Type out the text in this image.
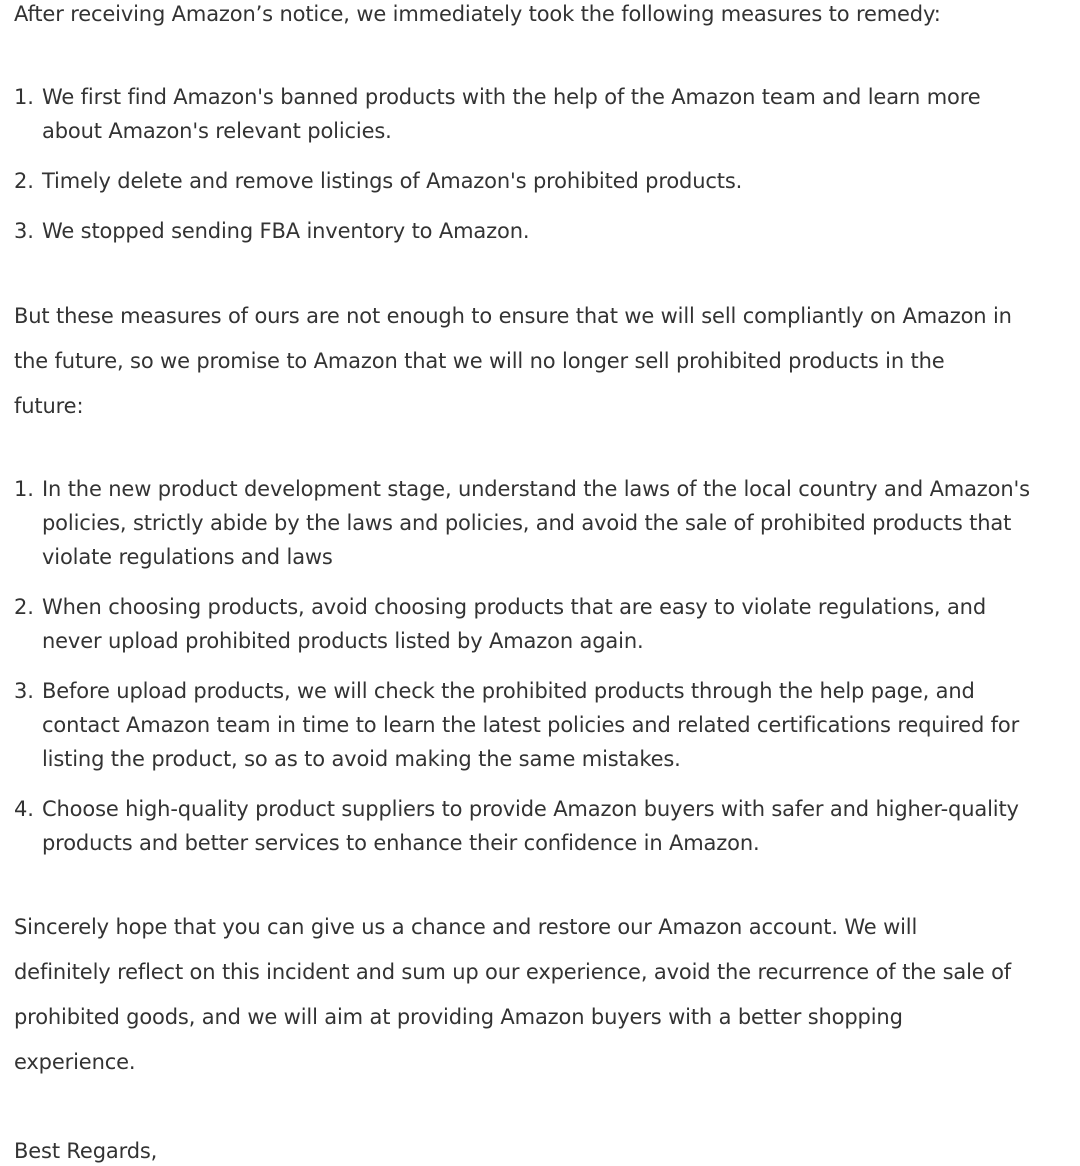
After receiving Amazon’s notice, we immediately took the following measures to remedy:
1. We first find Amazon's banned products with the help of the Amazon team and learn more
about Amazon's relevant policies.
2. Timely delete and remove listings of Amazon's prohibited products.
3. We stopped sending FBA inventory to Amazon.
But these measures of ours are not enough to ensure that we will sell compliantly on Amazon in
the future, so we promise to Amazon that we will no longer sell prohibited products in the
future:
1. In the new product development stage, understand the laws of the local country and Amazon's
policies, strictly abide by the laws and policies, and avoid the sale of prohibited products that
violate regulations and laws
2. When choosing products, avoid choosing products that are easy to violate regulations, and
never upload prohibited products listed by Amazon again.
3. Before upload products, we will check the prohibited products through the help page, and
contact Amazon team in time to learn the latest policies and related certifications required for
listing the product, so as to avoid making the same mistakes.
4. Choose high-quality product suppliers to provide Amazon buyers with safer and higher-quality
products and better services to enhance their confidence in Amazon.
Sincerely hope that you can give us a chance and restore our Amazon account. We will
definitely reflect on this incident and sum up our experience, avoid the recurrence of the sale of
prohibited goods, and we will aim at providing Amazon buyers with a better shopping
experience.
Best Regards,
